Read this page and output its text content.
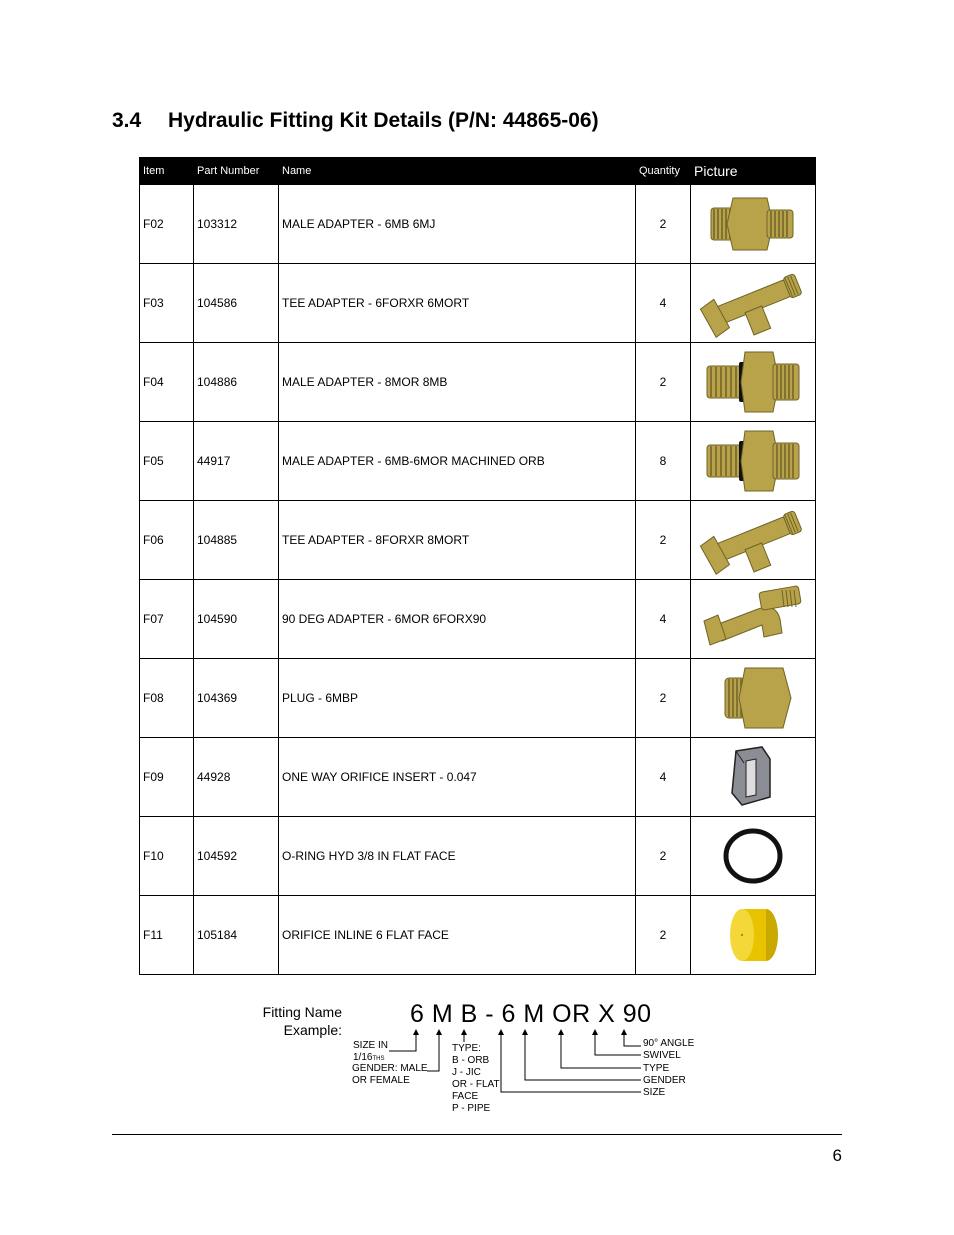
3.4 Hydraulic Fitting Kit Details (P/N: 44865-06)
Item	Part Number	Name	Quantity	Picture
F02	103312	MALE ADAPTER - 6MB 6MJ	2	

F03	104586	TEE ADAPTER - 6FORXR 6MORT	4	

F04	104886	MALE ADAPTER - 8MOR 8MB	2	

F05	44917	MALE ADAPTER - 6MB-6MOR MACHINED ORB	8	

F06	104885	TEE ADAPTER - 8FORXR 8MORT	2	

F07	104590	90 DEG ADAPTER - 6MOR 6FORX90	4	

F08	104369	PLUG - 6MBP	2	

F09	44928	ONE WAY ORIFICE INSERT - 0.047	4	

F10	104592	O-RING HYD 3/8 IN FLAT FACE	2	

F11	105184	ORIFICE INLINE 6 FLAT FACE	2	
Fitting Name
Example:
6 M B - 6 M OR X 90
SIZE IN
1/16THS
GENDER: MALE
OR FEMALE
TYPE:
B - ORB
J - JIC
OR - FLAT
FACE
P - PIPE
90° ANGLE
SWIVEL
TYPE
GENDER
SIZE
6
